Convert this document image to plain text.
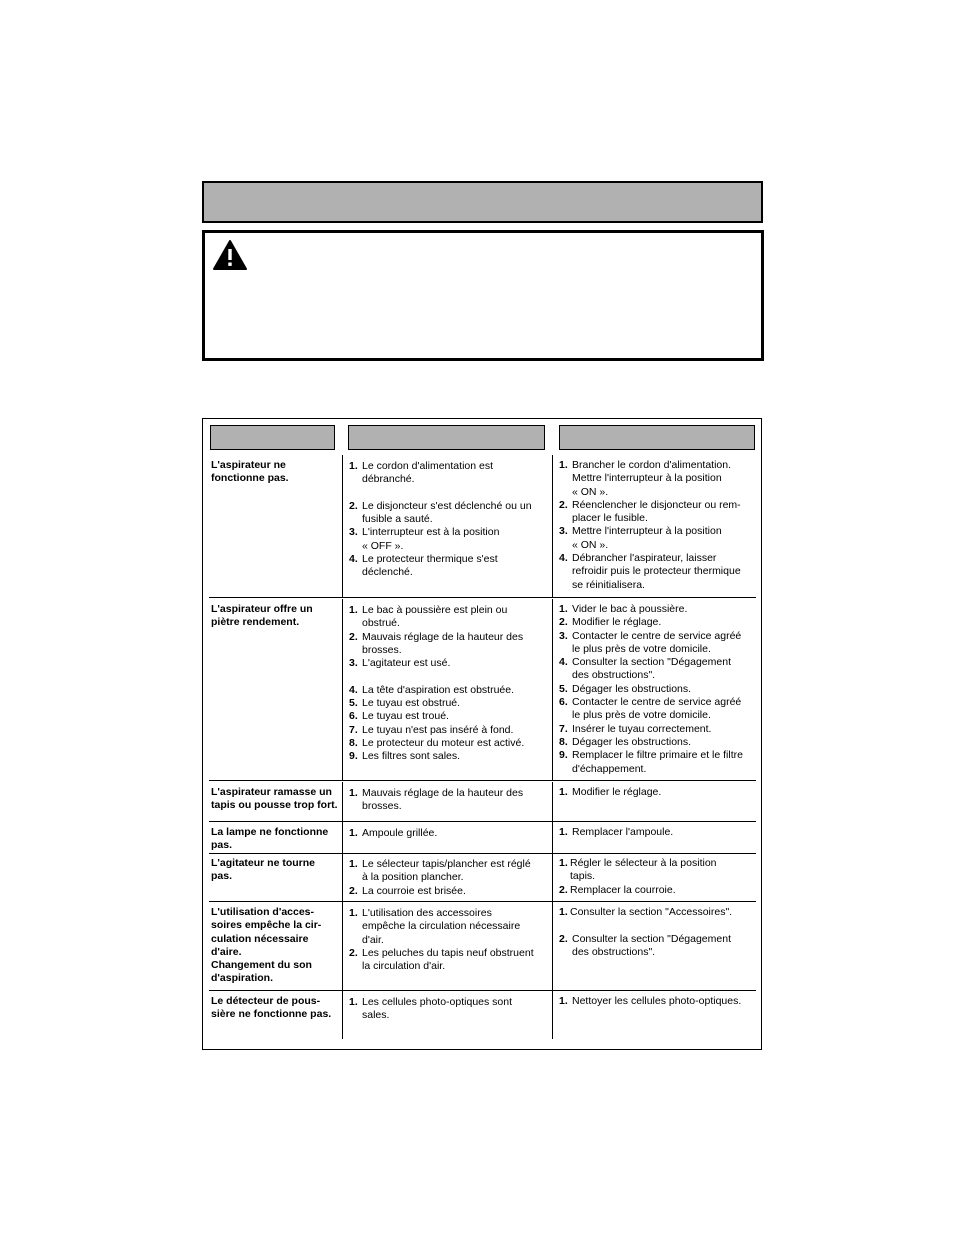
L'aspirateur ne
fonctionne pas.
1. Le cordon d'alimentation est
débranché.
2. Le disjoncteur s'est déclenché ou un
fusible a sauté.
3. L'interrupteur est à la position
« OFF ».
4. Le protecteur thermique s'est
déclenché.
1. Brancher le cordon d'alimentation.
Mettre l'interrupteur à la position
« ON ».
2. Réenclencher le disjoncteur ou rem-
placer le fusible.
3. Mettre l'interrupteur à la position
« ON ».
4. Débrancher l'aspirateur, laisser
refroidir puis le protecteur thermique
se réinitialisera.
L'aspirateur offre un
piètre rendement.
1. Le bac à poussière est plein ou
obstrué.
2. Mauvais réglage de la hauteur des
brosses.
3. L'agitateur est usé.
4. La tête d'aspiration est obstruée.
5. Le tuyau est obstrué.
6. Le tuyau est troué.
7. Le tuyau n'est pas inséré à fond.
8. Le protecteur du moteur est activé.
9. Les filtres sont sales.
1. Vider le bac à poussière.
2. Modifier le réglage.
3. Contacter le centre de service agréé
le plus près de votre domicile.
4. Consulter la section "Dégagement
des obstructions".
5. Dégager les obstructions.
6. Contacter le centre de service agréé
le plus près de votre domicile.
7. Insérer le tuyau correctement.
8. Dégager les obstructions.
9. Remplacer le filtre primaire et le filtre
d'échappement.
L'aspirateur ramasse un
tapis ou pousse trop fort.
1. Mauvais réglage de la hauteur des
brosses.
1. Modifier le réglage.
La lampe ne fonctionne
pas.
1. Ampoule grillée.	1. Remplacer l'ampoule.
L'agitateur ne tourne
pas.
1. Le sélecteur tapis/plancher est réglé
à la position plancher.
2. La courroie est brisée.
1. Régler le sélecteur à la position
tapis.
2. Remplacer la courroie.
L'utilisation d'acces-
soires empêche la cir-
culation nécessaire
d'aire.
Changement du son
d'aspiration.
1. L'utilisation des accessoires
empêche la circulation nécessaire
d'air.
2. Les peluches du tapis neuf obstruent
la circulation d'air.
1. Consulter la section "Accessoires".
2. Consulter la section "Dégagement
des obstructions".
Le détecteur de pous-
sière ne fonctionne pas.
1. Les cellules photo-optiques sont
sales.
1. Nettoyer les cellules photo-optiques.
